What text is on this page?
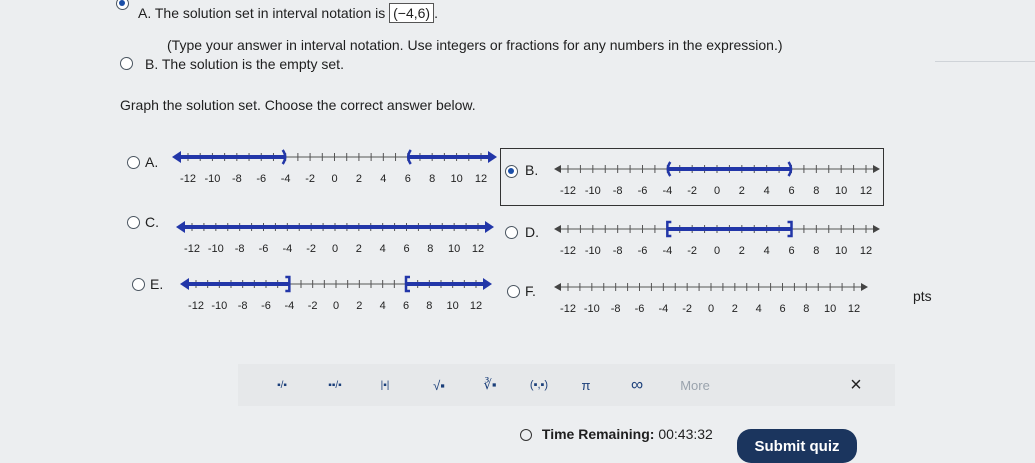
A. The solution set in interval notation is (−4,6) .
(Type your answer in interval notation. Use integers or fractions for any numbers in the expression.)
B. The solution is the empty set.
Graph the solution set. Choose the correct answer below.
A.	B.
C.
D.
E.	F.
-12 -10 -8 -6 -4 -2 0 2 4 6 8 10 12
-12 -10 -8 -6 -4 -2 0 2 4 6 8 10 12
-12 -10 -8 -6 -4 -2 0 2 4 6 8 10 12	-12 -10 -8 -6 -4 -2 0 2 4 6 8 10 12
-12 -10 -8 -6 -4 -2 0 2 4 6 8 10 12	-12 -10 -8 -6 -4 -2 0 2 4 6 8 10 12
pts
▪/▪	▪▪/▪	|▪|	√▪	∛▪	(▪,▪)	π ∞	More	×
Time Remaining: 00:43:32
Submit quiz
